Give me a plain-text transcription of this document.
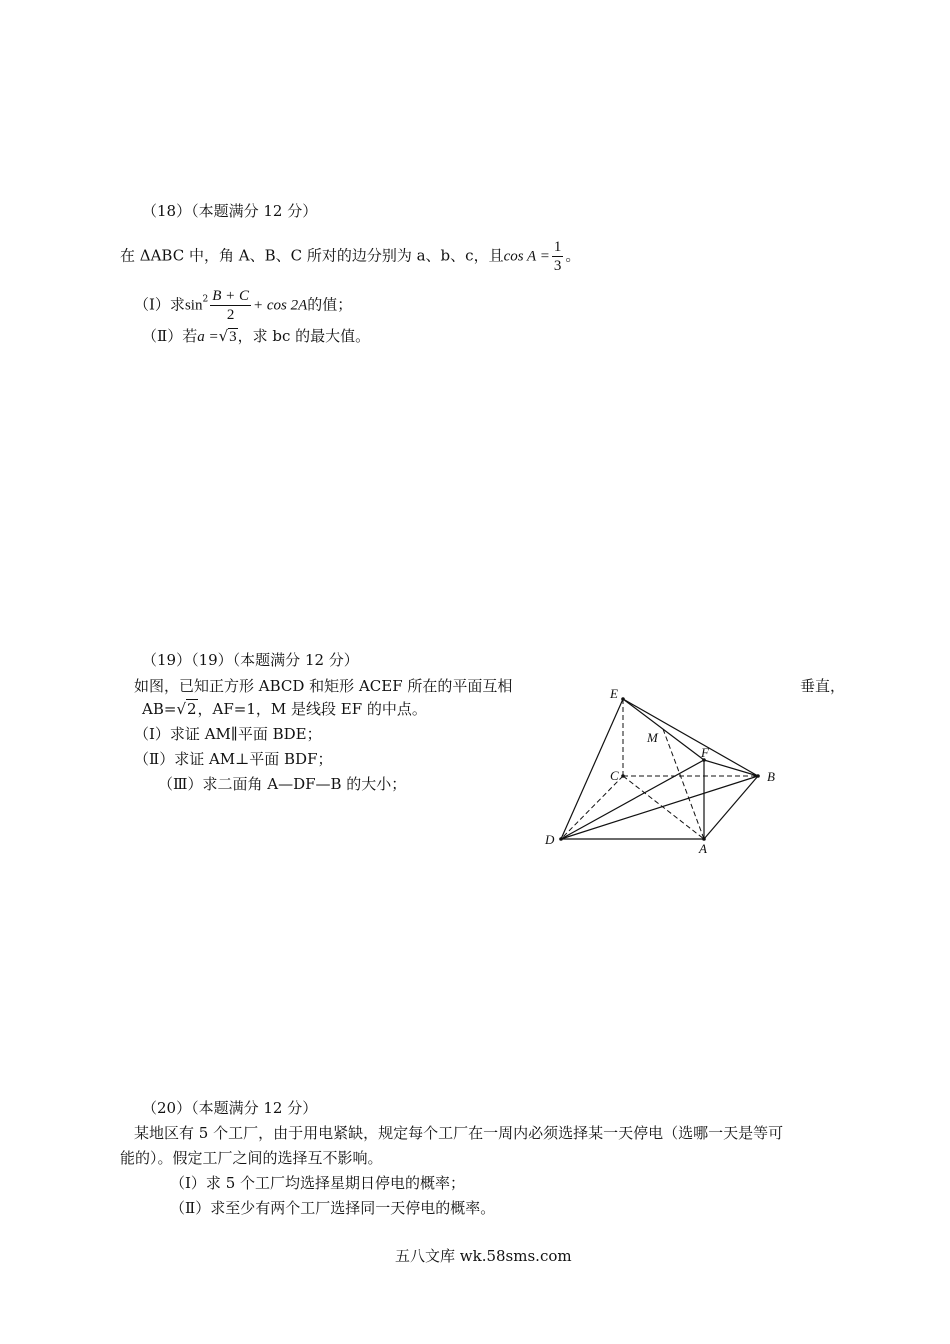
（18）（本题满分 12 分）
在 ΔABC 中，角 A、B、C 所对的边分别为 a、b、c，且$\cos A = \frac{1}{3}$ 。
（Ⅰ）求$\sin^2 \frac{B + C}{2} + \cos 2A$的值；
（Ⅱ）若a =√3，求 bc 的最大值。
（19）（19）（本题满分 12 分）
如图，已知正方形 ABCD 和矩形 ACEF 所在的平面互相	垂直，
AB=√2，AF=1，M 是线段 EF 的中点。
（Ⅰ）求证 AM∥平面 BDE；
（Ⅱ）求证 AM⊥平面 BDF；
（Ⅲ）求二面角 A—DF—B 的大小；
E
M
F
C	B
D
A
（20）（本题满分 12 分）
某地区有 5 个工厂，由于用电紧缺，规定每个工厂在一周内必须选择某一天停电（选哪一天是等可
能的）。假定工厂之间的选择互不影响。
（Ⅰ）求 5 个工厂均选择星期日停电的概率；
（Ⅱ）求至少有两个工厂选择同一天停电的概率。
五八文库 wk.58sms.com
